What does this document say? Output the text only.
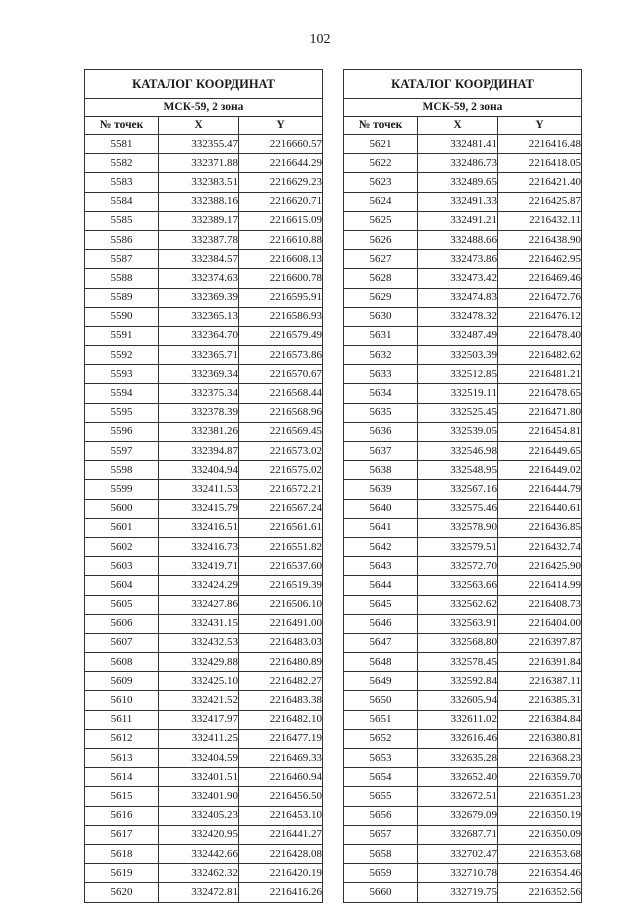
102
КАТАЛОГ КООРДИНАТ		
МСК-59, 2 зона		
№ точек	X	Y
5581	332355.47	2216660.57
5582	332371.88	2216644.29
5583	332383.51	2216629.23
5584	332388.16	2216620.71
5585	332389.17	2216615.09
5586	332387.78	2216610.88
5587	332384.57	2216608.13
5588	332374.63	2216600.78
5589	332369.39	2216595.91
5590	332365.13	2216586.93
5591	332364.70	2216579.49
5592	332365.71	2216573.86
5593	332369.34	2216570.67
5594	332375.34	2216568.44
5595	332378.39	2216568.96
5596	332381.26	2216569.45
5597	332394.87	2216573.02
5598	332404.94	2216575.02
5599	332411.53	2216572.21
5600	332415.79	2216567.24
5601	332416.51	2216561.61
5602	332416.73	2216551.82
5603	332419.71	2216537.60
5604	332424.29	2216519.39
5605	332427.86	2216506.10
5606	332431.15	2216491.00
5607	332432.53	2216483.03
5608	332429.88	2216480.89
5609	332425.10	2216482.27
5610	332421.52	2216483.38
5611	332417.97	2216482.10
5612	332411.25	2216477.19
5613	332404.59	2216469.33
5614	332401.51	2216460.94
5615	332401.90	2216456.50
5616	332405.23	2216453.10
5617	332420.95	2216441.27
5618	332442.66	2216428.08
5619	332462.32	2216420.19
5620	332472.81	2216416.26
КАТАЛОГ КООРДИНАТ		
МСК-59, 2 зона		
№ точек	X	Y
5621	332481.41	2216416.48
5622	332486.73	2216418.05
5623	332489.65	2216421.40
5624	332491.33	2216425.87
5625	332491.21	2216432.11
5626	332488.66	2216438.90
5627	332473.86	2216462.95
5628	332473.42	2216469.46
5629	332474.83	2216472.76
5630	332478.32	2216476.12
5631	332487.49	2216478.40
5632	332503.39	2216482.62
5633	332512.85	2216481.21
5634	332519.11	2216478.65
5635	332525.45	2216471.80
5636	332539.05	2216454.81
5637	332546.98	2216449.65
5638	332548.95	2216449.02
5639	332567.16	2216444.79
5640	332575.46	2216440.61
5641	332578.90	2216436.85
5642	332579.51	2216432.74
5643	332572.70	2216425.90
5644	332563.66	2216414.99
5645	332562.62	2216408.73
5646	332563.91	2216404.00
5647	332568.80	2216397.87
5648	332578.45	2216391.84
5649	332592.84	2216387.11
5650	332605.94	2216385.31
5651	332611.02	2216384.84
5652	332616.46	2216380.81
5653	332635.28	2216368.23
5654	332652.40	2216359.70
5655	332672.51	2216351.23
5656	332679.09	2216350.19
5657	332687.71	2216350.09
5658	332702.47	2216353.68
5659	332710.78	2216354.46
5660	332719.75	2216352.56
